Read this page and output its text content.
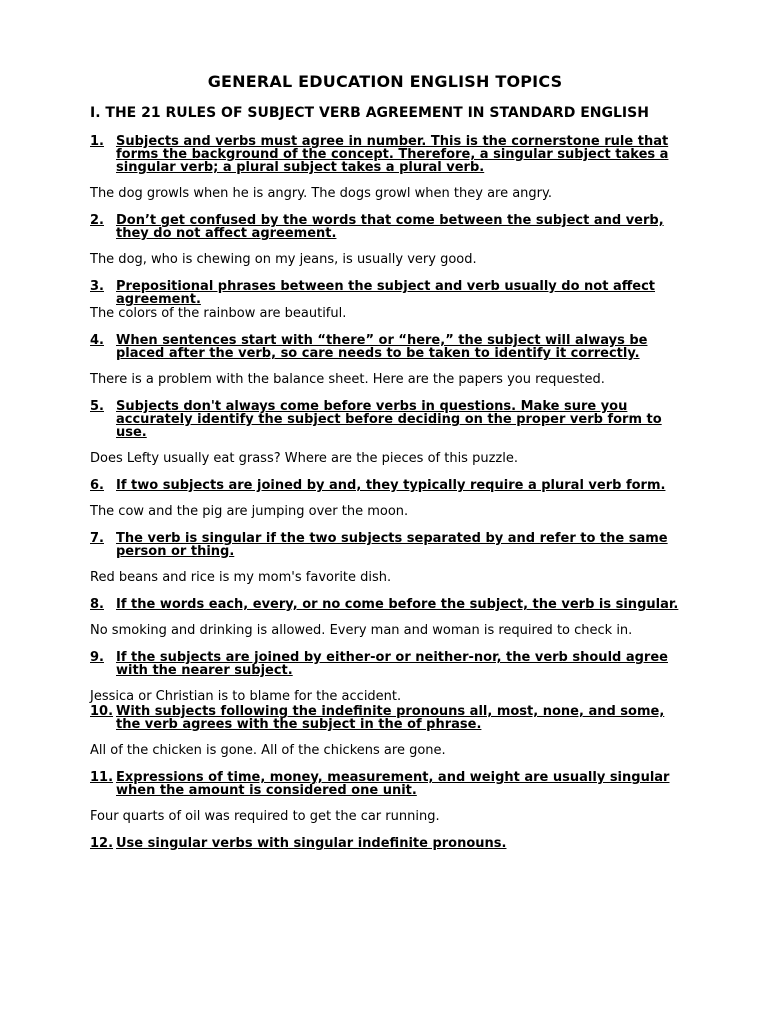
GENERAL EDUCATION ENGLISH TOPICS
I. THE 21 RULES OF SUBJECT VERB AGREEMENT IN STANDARD ENGLISH
1. Subjects and verbs must agree in number. This is the cornerstone rule that forms the background of the concept. Therefore, a singular subject takes a singular verb; a plural subject takes a plural verb.

The dog growls when he is angry. The dogs growl when they are angry.

2. Don’t get confused by the words that come between the subject and verb, they do not affect agreement.

The dog, who is chewing on my jeans, is usually very good.

3. Prepositional phrases between the subject and verb usually do not affect agreement.

The colors of the rainbow are beautiful.

4. When sentences start with “there” or “here,” the subject will always be placed after the verb, so care needs to be taken to identify it correctly.

There is a problem with the balance sheet. Here are the papers you requested.

5. Subjects don't always come before verbs in questions. Make sure you accurately identify the subject before deciding on the proper verb form to use.

Does Lefty usually eat grass? Where are the pieces of this puzzle.

6. If two subjects are joined by and, they typically require a plural verb form.

The cow and the pig are jumping over the moon.

7. The verb is singular if the two subjects separated by and refer to the same person or thing.

Red beans and rice is my mom's favorite dish.

8. If the words each, every, or no come before the subject, the verb is singular.

No smoking and drinking is allowed. Every man and woman is required to check in.

9. If the subjects are joined by either-or or neither-nor, the verb should agree with the nearer subject.

Jessica or Christian is to blame for the accident.

10. With subjects following the indefinite pronouns all, most, none, and some, the verb agrees with the subject in the of phrase.

All of the chicken is gone. All of the chickens are gone.

11. Expressions of time, money, measurement, and weight are usually singular when the amount is considered one unit.

Four quarts of oil was required to get the car running.

12. Use singular verbs with singular indefinite pronouns.
